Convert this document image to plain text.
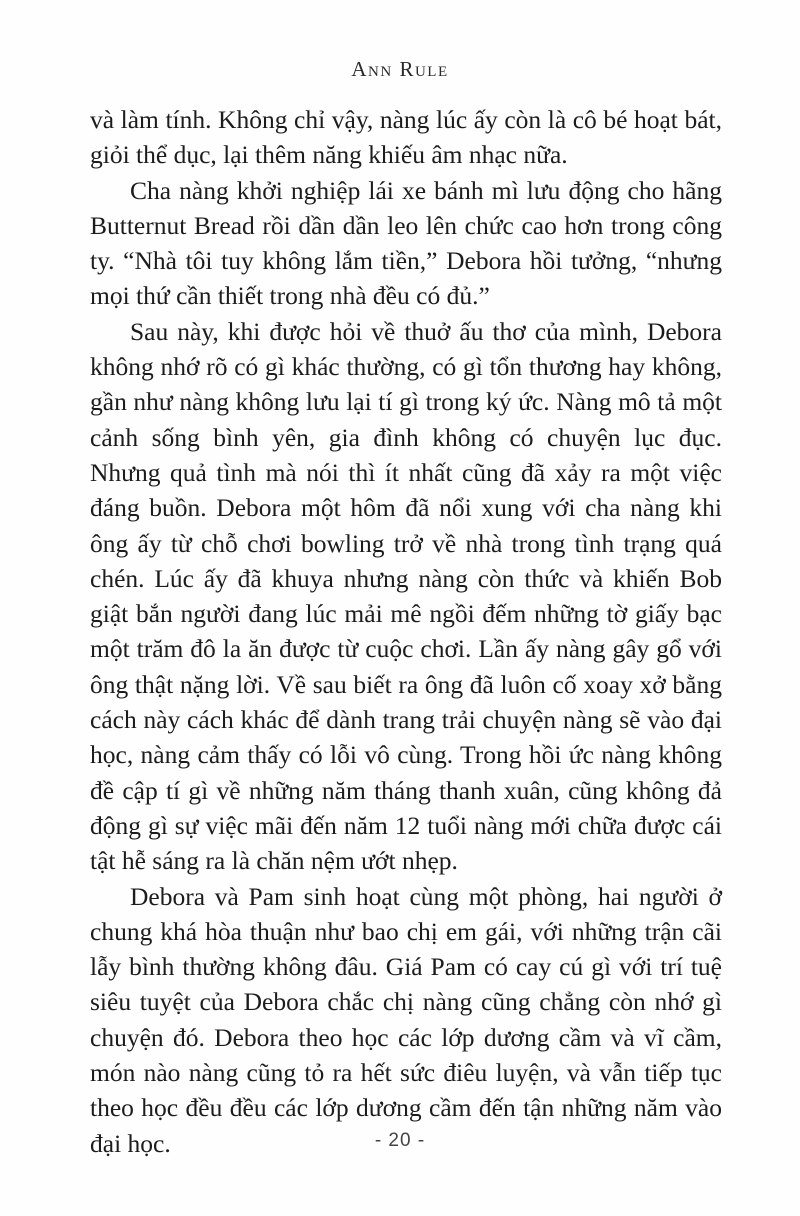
Ann Rule

và làm tính. Không chỉ vậy, nàng lúc ấy còn là cô bé hoạt bát, giỏi thể dục, lại thêm năng khiếu âm nhạc nữa.

Cha nàng khởi nghiệp lái xe bánh mì lưu động cho hãng Butternut Bread rồi dần dần leo lên chức cao hơn trong công ty. “Nhà tôi tuy không lắm tiền,” Debora hồi tưởng, “nhưng mọi thứ cần thiết trong nhà đều có đủ.”

Sau này, khi được hỏi về thuở ấu thơ của mình, Debora không nhớ rõ có gì khác thường, có gì tổn thương hay không, gần như nàng không lưu lại tí gì trong ký ức. Nàng mô tả một cảnh sống bình yên, gia đình không có chuyện lục đục. Nhưng quả tình mà nói thì ít nhất cũng đã xảy ra một việc đáng buồn. Debora một hôm đã nổi xung với cha nàng khi ông ấy từ chỗ chơi bowling trở về nhà trong tình trạng quá chén. Lúc ấy đã khuya nhưng nàng còn thức và khiến Bob giật bắn người đang lúc mải mê ngồi đếm những tờ giấy bạc một trăm đô la ăn được từ cuộc chơi. Lần ấy nàng gây gổ với ông thật nặng lời. Về sau biết ra ông đã luôn cố xoay xở bằng cách này cách khác để dành trang trải chuyện nàng sẽ vào đại học, nàng cảm thấy có lỗi vô cùng. Trong hồi ức nàng không đề cập tí gì về những năm tháng thanh xuân, cũng không đả động gì sự việc mãi đến năm 12 tuổi nàng mới chữa được cái tật hễ sáng ra là chăn nệm ướt nhẹp.

Debora và Pam sinh hoạt cùng một phòng, hai người ở chung khá hòa thuận như bao chị em gái, với những trận cãi lẫy bình thường không đâu. Giá Pam có cay cú gì với trí tuệ siêu tuyệt của Debora chắc chị nàng cũng chẳng còn nhớ gì chuyện đó. Debora theo học các lớp dương cầm và vĩ cầm, món nào nàng cũng tỏ ra hết sức điêu luyện, và vẫn tiếp tục theo học đều đều các lớp dương cầm đến tận những năm vào đại học.	- 20 -
